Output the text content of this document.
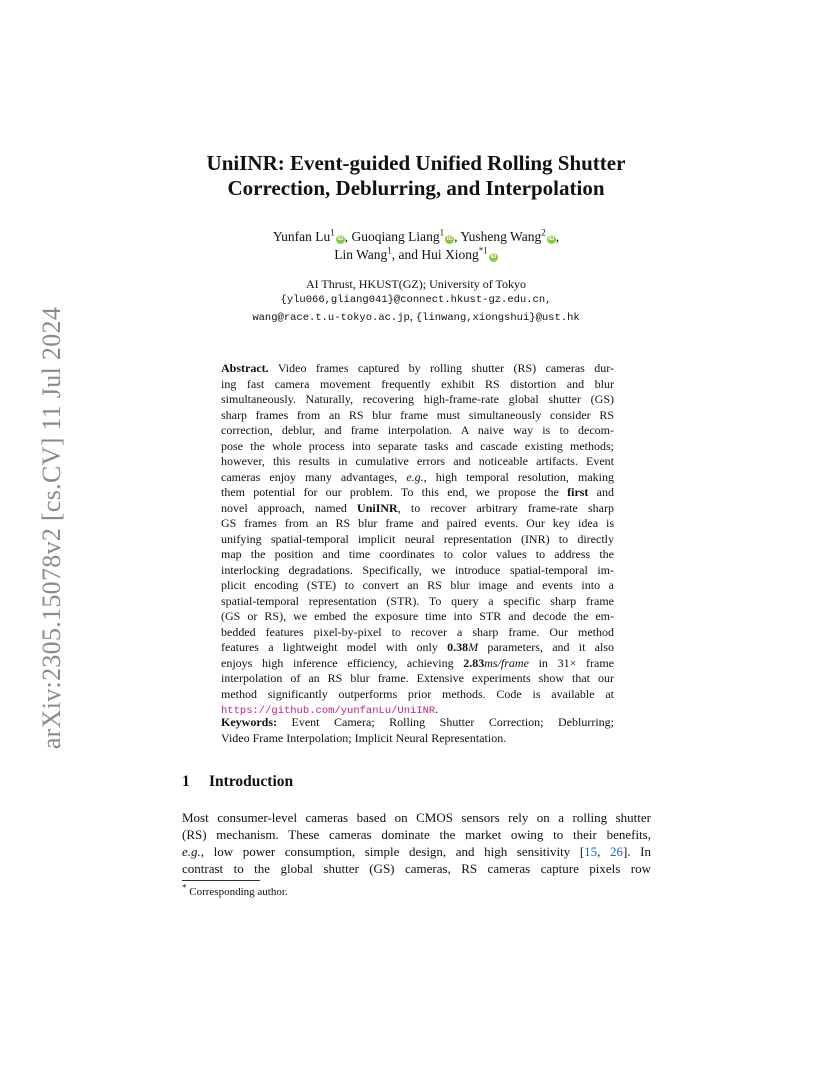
arXiv:2305.15078v2 [cs.CV] 11 Jul 2024
UniINR: Event-guided Unified Rolling Shutter
Correction, Deblurring, and Interpolation
Yunfan Lu$^1$iD , Guoqiang Liang$^1$iD , Yusheng Wang$^2$iD ,
Lin Wang$^1$, and Hui Xiong$^{*1}$iD
AI Thrust, HKUST(GZ); University of Tokyo
{ylu066,gliang041}@connect.hkust-gz.edu.cn,
wang@race.t.u-tokyo.ac.jp, {linwang,xiongshui}@ust.hk
Abstract. Video frames captured by rolling shutter (RS) cameras dur-
ing fast camera movement frequently exhibit RS distortion and blur
simultaneously. Naturally, recovering high-frame-rate global shutter (GS)
sharp frames from an RS blur frame must simultaneously consider RS
correction, deblur, and frame interpolation. A naive way is to decom-
pose the whole process into separate tasks and cascade existing methods;
however, this results in cumulative errors and noticeable artifacts. Event
cameras enjoy many advantages, e.g., high temporal resolution, making
them potential for our problem. To this end, we propose the first and
novel approach, named UniINR, to recover arbitrary frame-rate sharp
GS frames from an RS blur frame and paired events. Our key idea is
unifying spatial-temporal implicit neural representation (INR) to directly
map the position and time coordinates to color values to address the
interlocking degradations. Specifically, we introduce spatial-temporal im-
plicit encoding (STE) to convert an RS blur image and events into a
spatial-temporal representation (STR). To query a specific sharp frame
(GS or RS), we embed the exposure time into STR and decode the em-
bedded features pixel-by-pixel to recover a sharp frame. Our method
features a lightweight model with only 0.38M parameters, and it also
enjoys high inference efficiency, achieving 2.83ms/frame in 31× frame
interpolation of an RS blur frame. Extensive experiments show that our
method significantly outperforms prior methods. Code is available at
https://github.com/yunfanLu/UniINR.
Keywords: Event Camera; Rolling Shutter Correction; Deblurring;
Video Frame Interpolation; Implicit Neural Representation.
1 Introduction
Most consumer-level cameras based on CMOS sensors rely on a rolling shutter
(RS) mechanism. These cameras dominate the market owing to their benefits,
e.g., low power consumption, simple design, and high sensitivity [15, 26]. In
contrast to the global shutter (GS) cameras, RS cameras capture pixels row
* Corresponding author.
